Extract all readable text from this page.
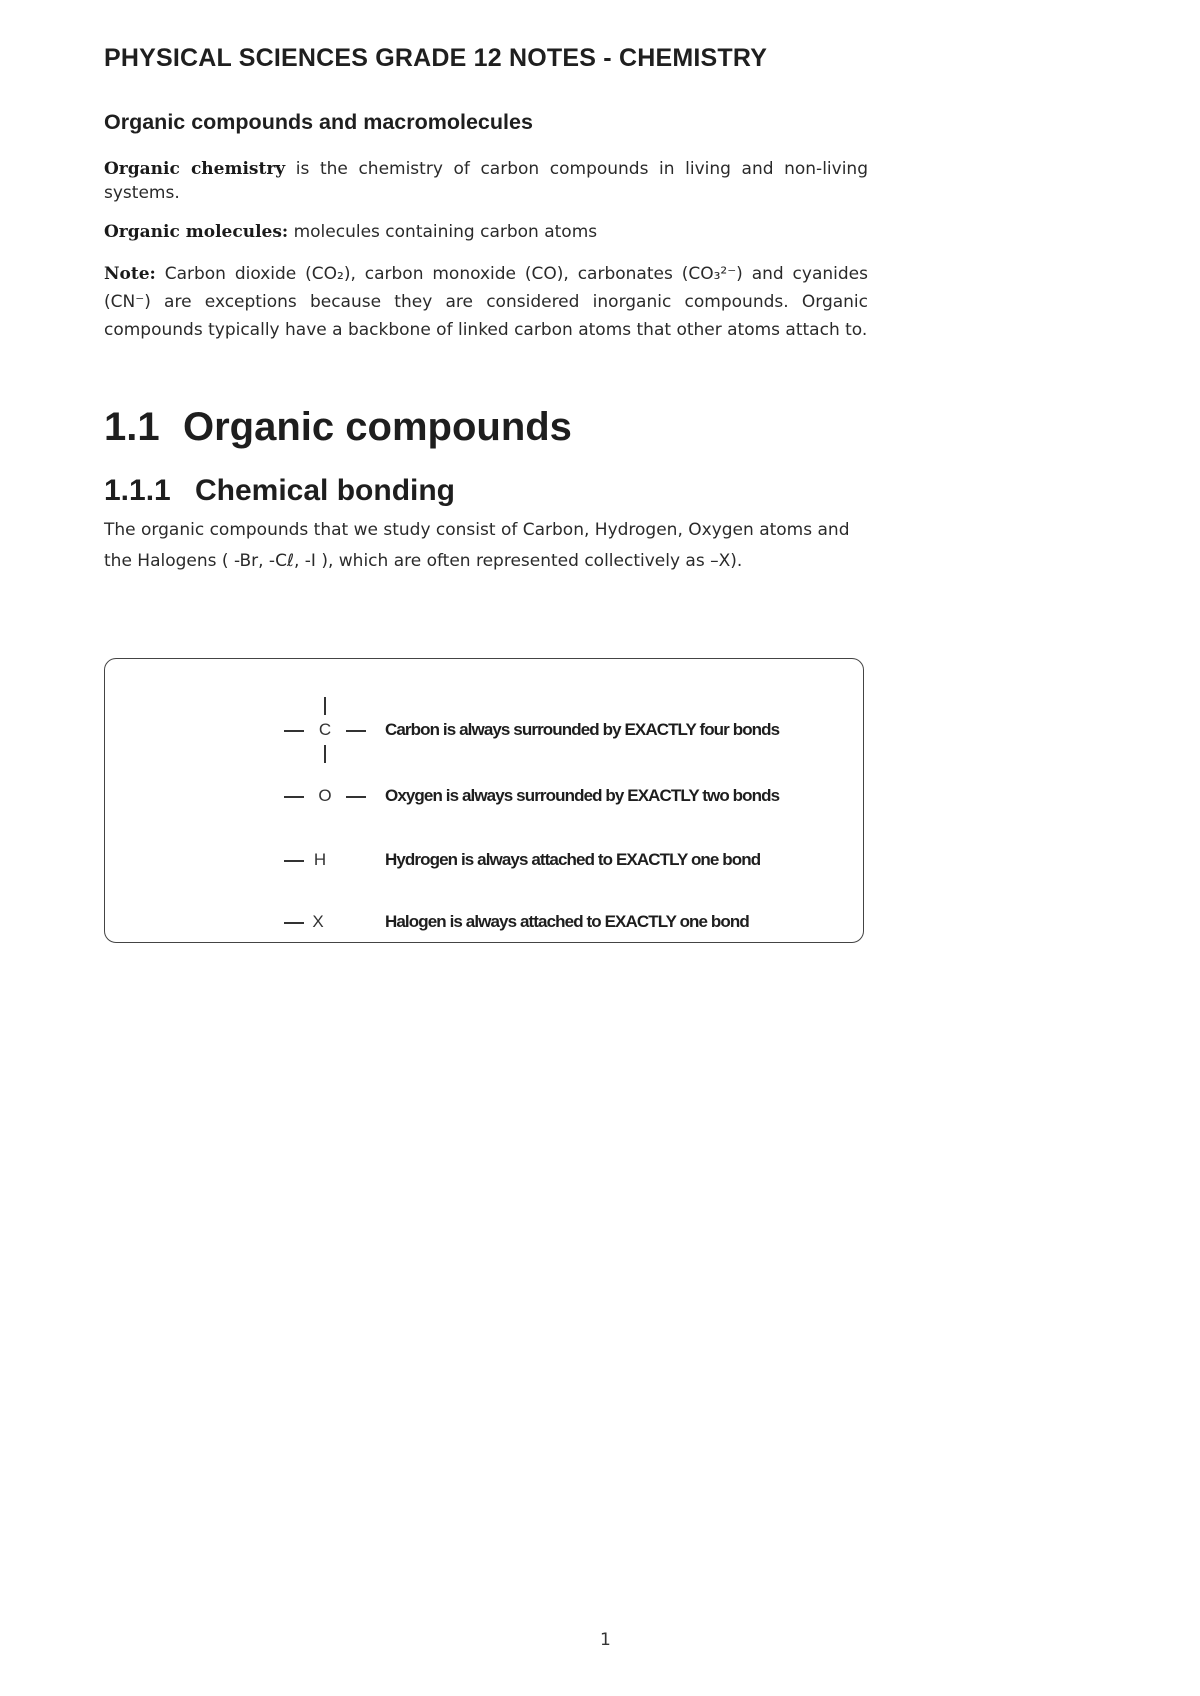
PHYSICAL SCIENCES GRADE 12 NOTES - CHEMISTRY
Organic compounds and macromolecules

Organic chemistry is the chemistry of carbon compounds in living and non-living systems.

Organic molecules: molecules containing carbon atoms

Note: Carbon dioxide (CO₂), carbon monoxide (CO), carbonates (CO₃²⁻) and cyanides (CN⁻) are exceptions because they are considered inorganic compounds. Organic compounds typically have a backbone of linked carbon atoms that other atoms attach to.

1.1 Organic compounds
1.1.1 Chemical bonding

The organic compounds that we study consist of Carbon, Hydrogen, Oxygen atoms and the Halogens ( -Br, -Cℓ, -I ), which are often represented collectively as –X).

C	Carbon is always surrounded by EXACTLY four bonds
O	Oxygen is always surrounded by EXACTLY two bonds
H	Hydrogen is always attached to EXACTLY one bond
X	Halogen is always attached to EXACTLY one bond
1
